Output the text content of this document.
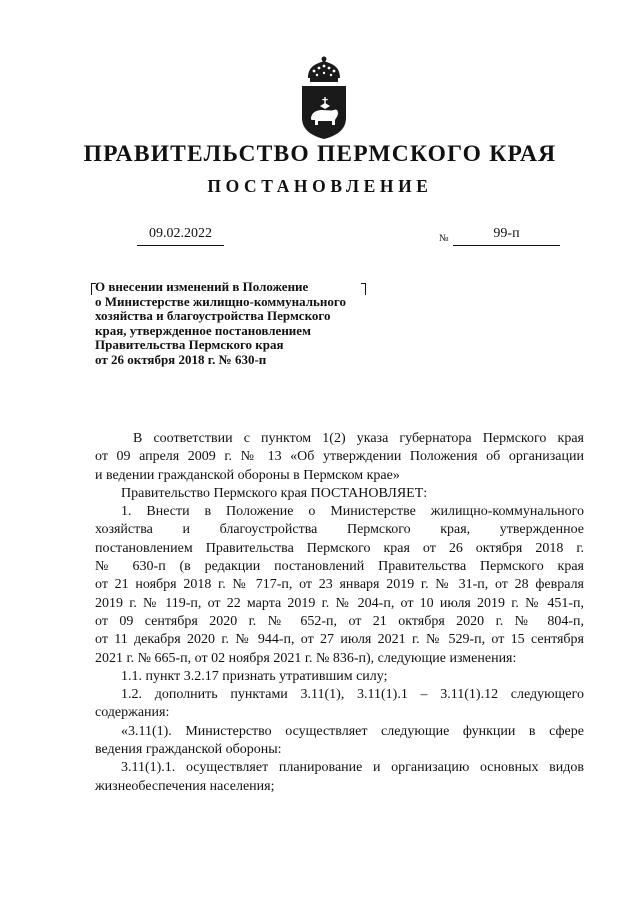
ПРАВИТЕЛЬСТВО ПЕРМСКОГО КРАЯ
ПОСТАНОВЛЕНИЕ
09.02.2022	№	99-п
О внесении изменений в Положение
о Министерстве жилищно-коммунального
хозяйства и благоустройства Пермского
края, утвержденное постановлением
Правительства Пермского края
от 26 октября 2018 г. № 630-п
В соответствии с пунктом 1(2) указа губернатора Пермского края
от 09 апреля 2009 г. № 13 «Об утверждении Положения об организации
и ведении гражданской обороны в Пермском крае»
Правительство Пермского края ПОСТАНОВЛЯЕТ:
1. Внести в Положение о Министерстве жилищно-коммунального
хозяйства и благоустройства Пермского края, утвержденное
постановлением Правительства Пермского края от 26 октября 2018 г.
№ 630-п (в редакции постановлений Правительства Пермского края
от 21 ноября 2018 г. № 717-п, от 23 января 2019 г. № 31-п, от 28 февраля
2019 г. № 119-п, от 22 марта 2019 г. № 204-п, от 10 июля 2019 г. № 451-п,
от 09 сентября 2020 г. № 652-п, от 21 октября 2020 г. № 804-п,
от 11 декабря 2020 г. № 944-п, от 27 июля 2021 г. № 529-п, от 15 сентября
2021 г. № 665-п, от 02 ноября 2021 г. № 836-п), следующие изменения:
1.1. пункт 3.2.17 признать утратившим силу;
1.2. дополнить пунктами 3.11(1), 3.11(1).1 – 3.11(1).12 следующего
содержания:
«3.11(1). Министерство осуществляет следующие функции в сфере
ведения гражданской обороны:
3.11(1).1. осуществляет планирование и организацию основных видов
жизнеобеспечения населения;
